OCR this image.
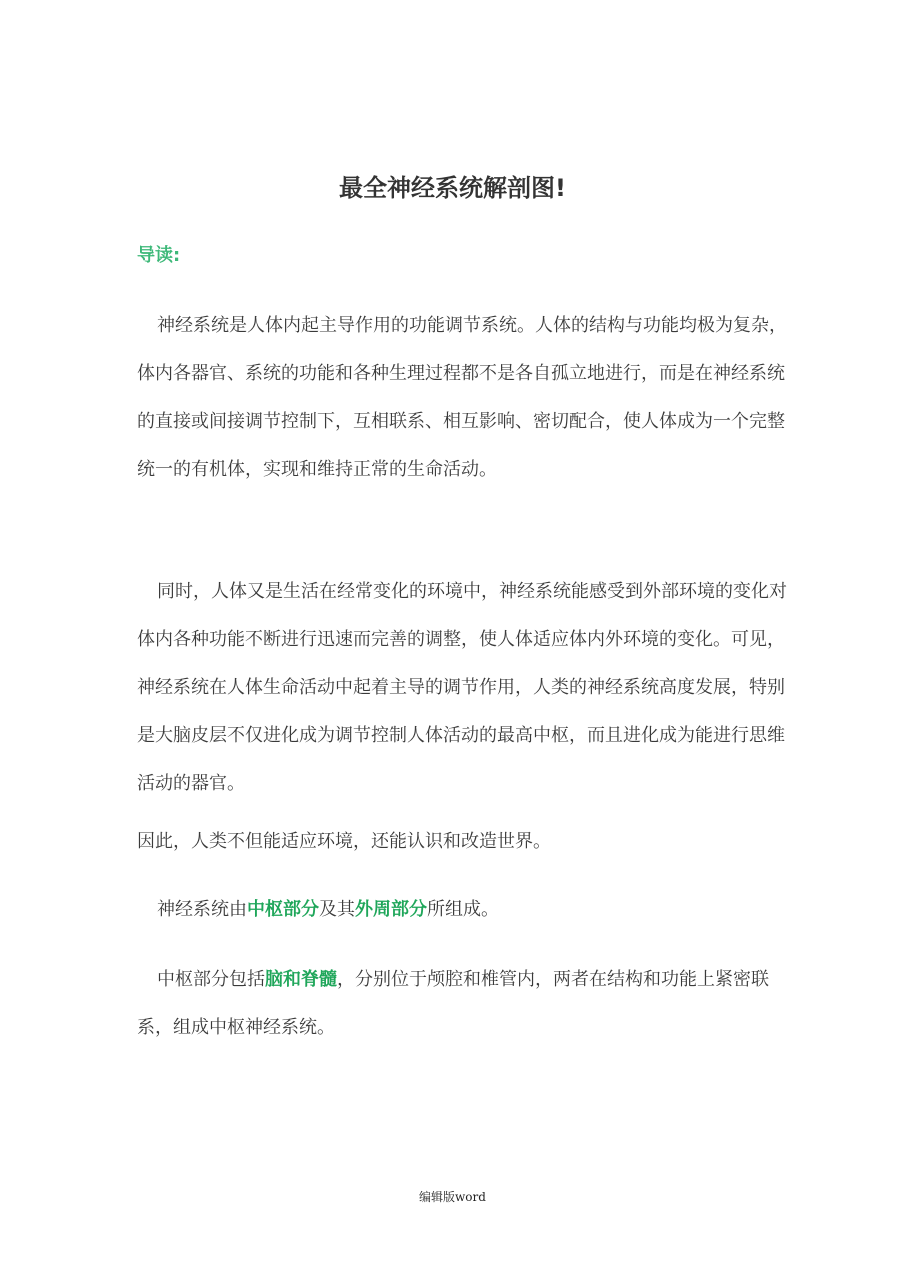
最全神经系统解剖图!

导读:

神经系统是人体内起主导作用的功能调节系统。人体的结构与功能均极为复杂，体内各器官、系统的功能和各种生理过程都不是各自孤立地进行，而是在神经系统的直接或间接调节控制下，互相联系、相互影响、密切配合，使人体成为一个完整统一的有机体，实现和维持正常的生命活动。

同时，人体又是生活在经常变化的环境中，神经系统能感受到外部环境的变化对体内各种功能不断进行迅速而完善的调整，使人体适应体内外环境的变化。可见，神经系统在人体生命活动中起着主导的调节作用，人类的神经系统高度发展，特别是大脑皮层不仅进化成为调节控制人体活动的最高中枢，而且进化成为能进行思维活动的器官。

因此，人类不但能适应环境，还能认识和改造世界。

神经系统由中枢部分及其外周部分所组成。

中枢部分包括脑和脊髓，分别位于颅腔和椎管内，两者在结构和功能上紧密联系，组成中枢神经系统。

编辑版word
